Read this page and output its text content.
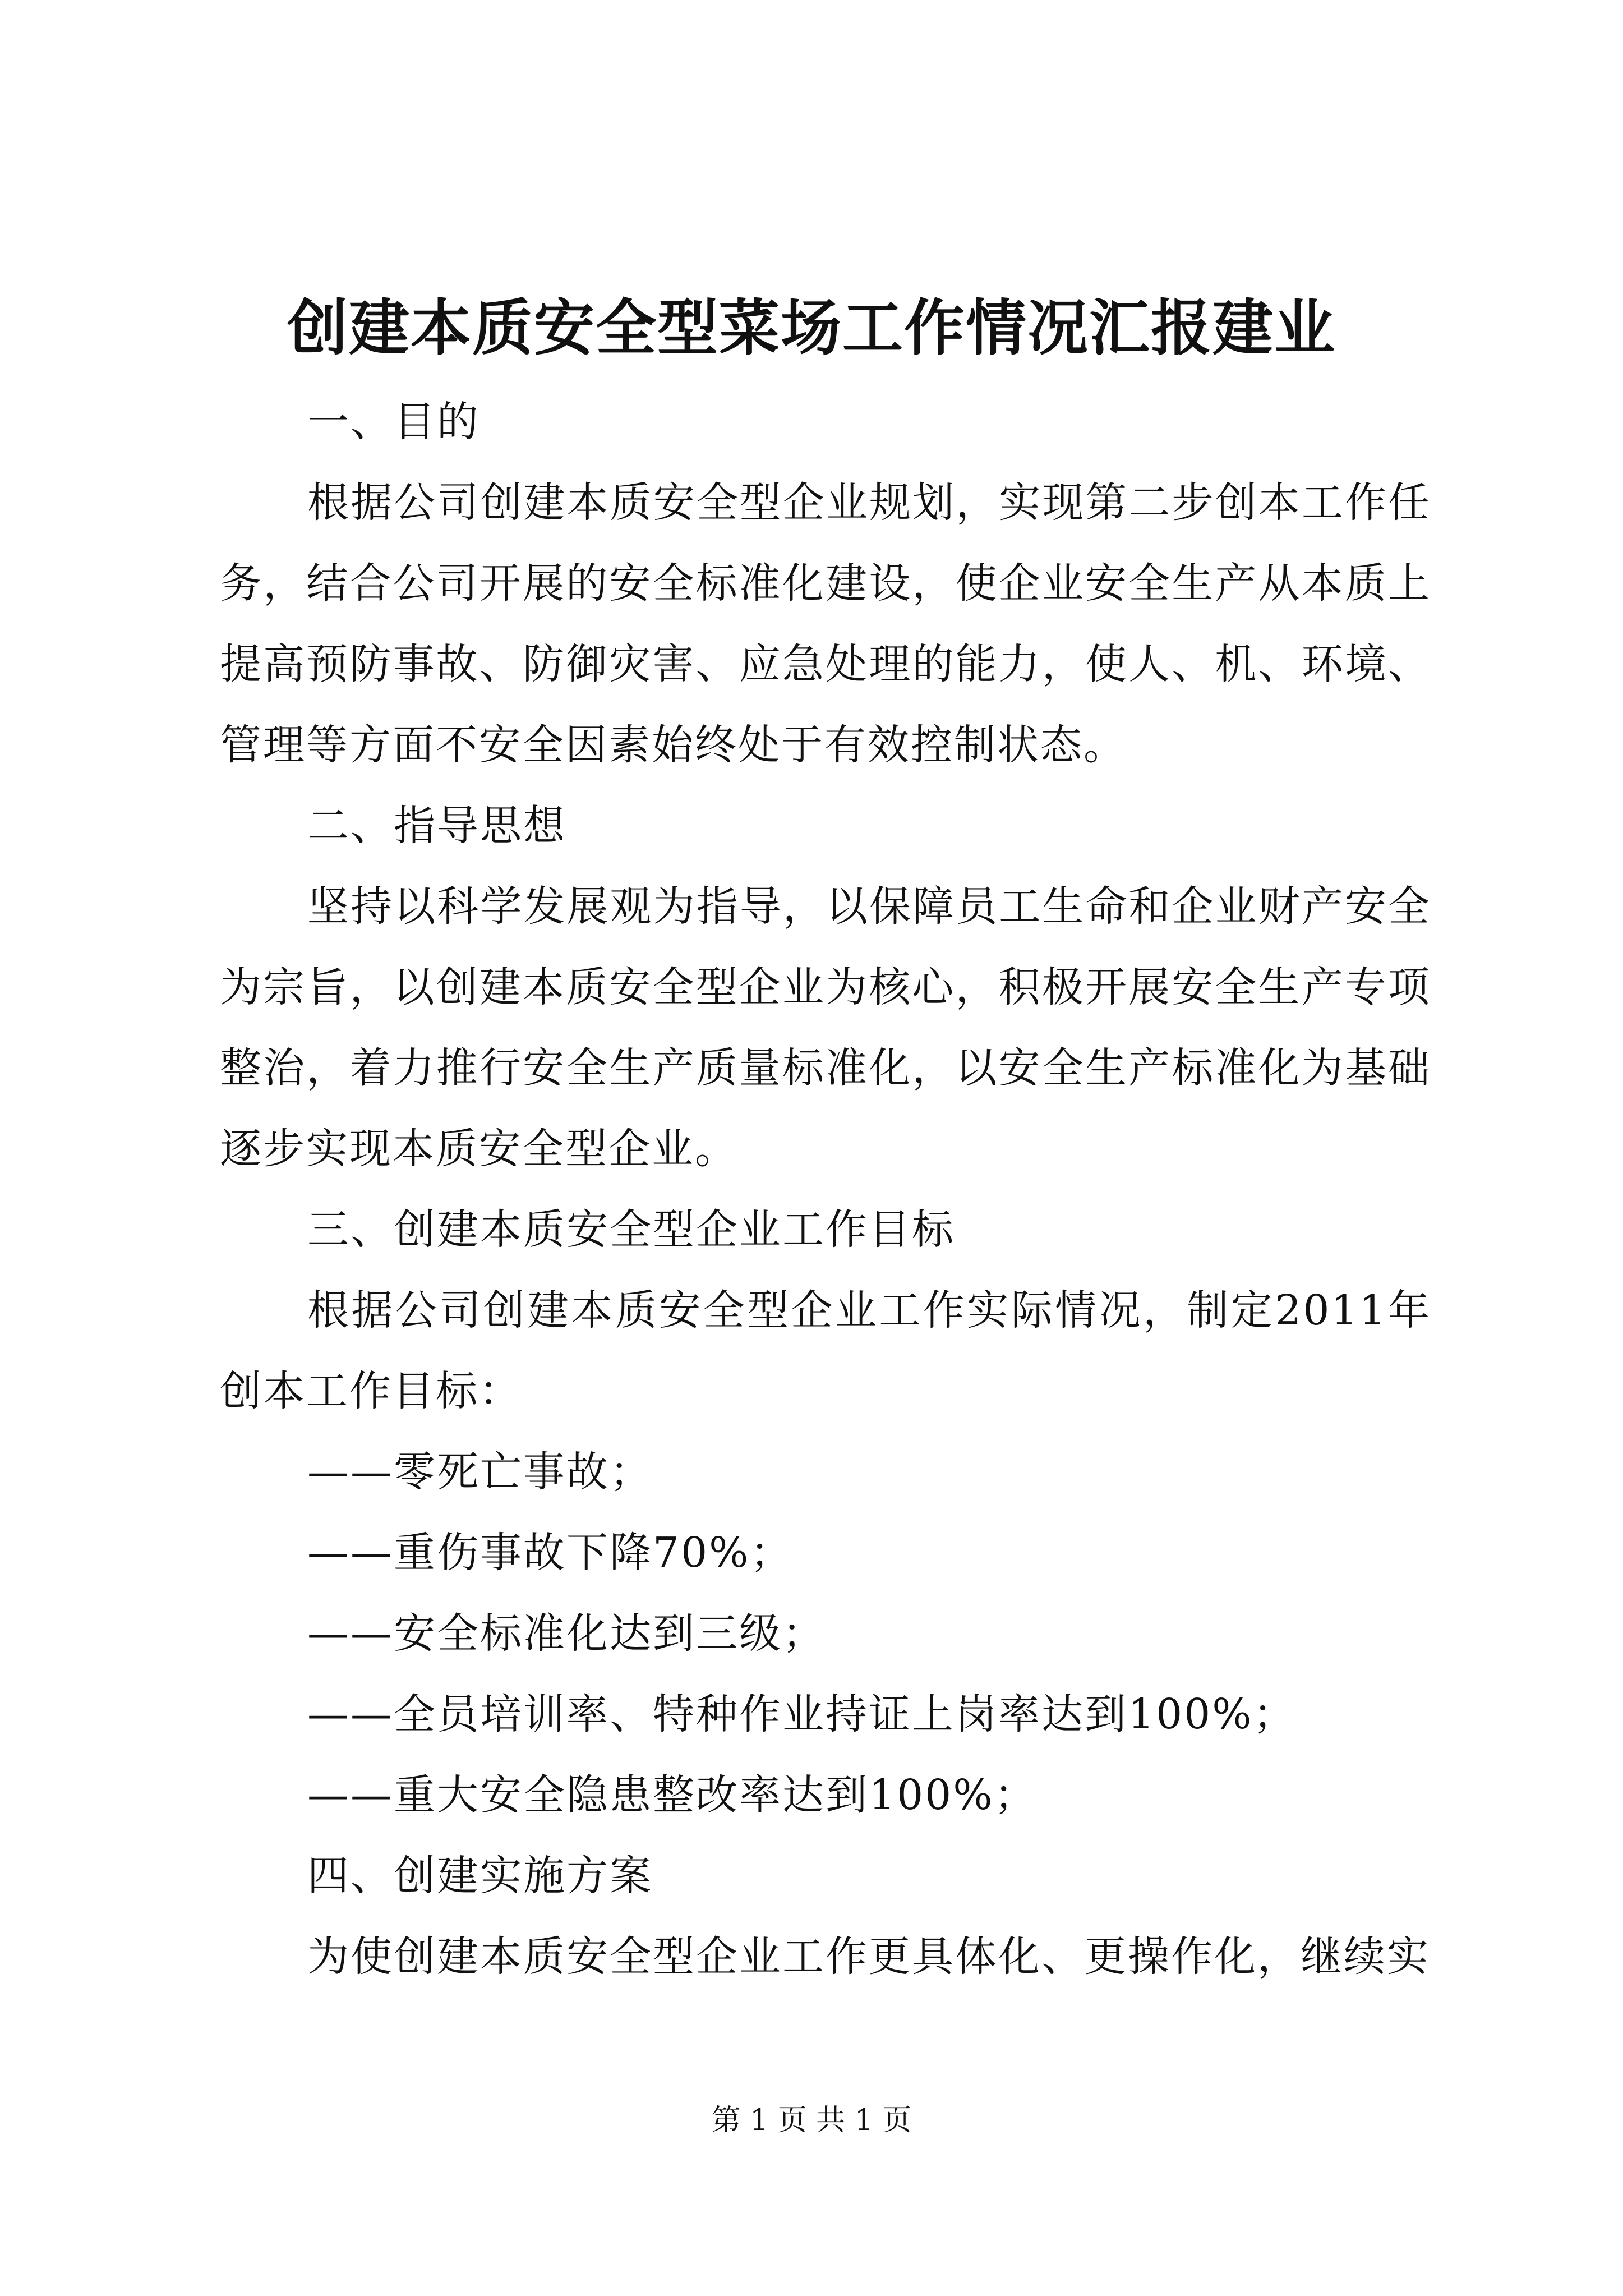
创建本质安全型菜场工作情况汇报建业

一、目的

根据公司创建本质安全型企业规划，实现第二步创本工作任务，结合公司开展的安全标准化建设，使企业安全生产从本质上提高预防事故、防御灾害、应急处理的能力，使人、机、环境、管理等方面不安全因素始终处于有效控制状态。

二、指导思想

坚持以科学发展观为指导，以保障员工生命和企业财产安全为宗旨，以创建本质安全型企业为核心，积极开展安全生产专项整治，着力推行安全生产质量标准化，以安全生产标准化为基础逐步实现本质安全型企业。

三、创建本质安全型企业工作目标

根据公司创建本质安全型企业工作实际情况，制定2011年创本工作目标：

——零死亡事故；

——重伤事故下降70%；

——安全标准化达到三级；

——全员培训率、特种作业持证上岗率达到100%；

——重大安全隐患整改率达到100%；

四、创建实施方案

为使创建本质安全型企业工作更具体化、更操作化，继续实

第 1 页 共 1 页
